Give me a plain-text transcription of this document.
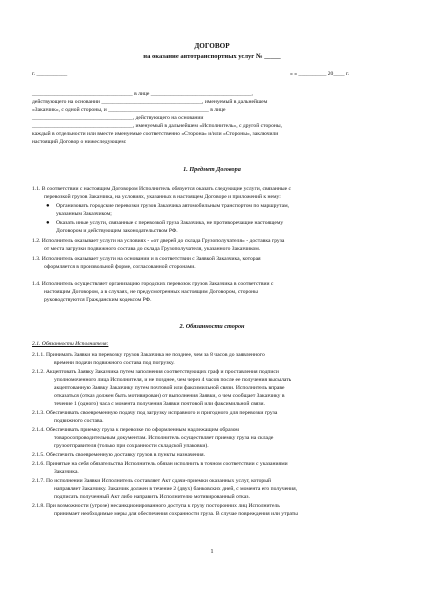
ДОГОВОР
на оказание автотранспортных услуг № _____
г. ___________	« » __________ 20____ г.
____________________________________ в лице ____________________________________,
действующего на основании ____________________________________, именуемый в дальнейшем
«Заказчик», с одной стороны, и ____________________________________ в лице
____________________________________, действующего на основании
____________________________________, именуемый в дальнейшем «Исполнитель», с другой стороны,
каждый в отдельности или вместе именуемые соответственно «Сторона» и/или «Стороны», заключили
настоящий Договор о нижеследующем:
1. Предмет Договора
1.1. В соответствии с настоящим Договором Исполнитель обязуется оказать следующие услуги, связанные с
перевозкой грузов Заказчика, на условиях, указанных в настоящем Договоре и приложений к нему:
● Организовать городские перевозки грузов Заказчика автомобильным транспортом по маршрутам,
указанным Заказчиком;
● Оказать иные услуги, связанные с перевозкой груза Заказчика, не противоречащие настоящему
Договором и действующим законодательством РФ.
1.2. Исполнитель оказывает услуги на условиях - «от дверей до склада Грузополучателя» - доставка груза
от места загрузки подвижного состава до склада Грузополучателя, указанного Заказчиком.
1.3. Исполнитель оказывает услуги на основании и в соответствии с Заявкой Заказчика, которая
оформляется в произвольной форме, согласованной сторонами.
1.4. Исполнитель осуществляет организацию городских перевозок грузов Заказчика в соответствии с
настоящим Договором, а в случаях, не предусмотренных настоящим Договором, стороны
руководствуются Гражданским кодексом РФ.
2. Обязанности сторон
2.1. Обязанности Исполнителя:
2.1.1. Принимать Заявки на перевозку грузов Заказчика не позднее, чем за 8 часов до заявленного
времени подачи подвижного состава под погрузку.
2.1.2. Акцептовать Заявку Заказчика путем заполнения соответствующих граф и проставления подписи
уполномоченного лица Исполнителя, и не позднее, чем через 4 часов после ее получения высылать
акцептованную Заявку Заказчику путем почтовой или факсимильной связи. Исполнитель вправе
отказаться (отказ должен быть мотивирован) от выполнения Заявки, о чем сообщает Заказчику в
течение 1 (одного) часа с момента получения Заявки почтовой или факсимильной связи.
2.1.3. Обеспечивать своевременную подачу под загрузку исправного и пригодного для перевозки груза
подвижного состава.
2.1.4. Обеспечивать приемку груза к перевозке по оформленным надлежащим образом
товаросопроводительным документам. Исполнитель осуществляет приемку груза на складе
грузоотправителя (только при сохранности складской упаковки).
2.1.5. Обеспечить своевременную доставку грузов в пункты назначения.
2.1.6. Принятые на себя обязательства Исполнитель обязан исполнить в точном соответствии с указаниями
Заказчика.
2.1.7. По исполнении Заявки Исполнитель составляет Акт сдачи-приемки оказанных услуг, который
направляет Заказчику. Заказчик должен в течение 2 (двух) банковских дней, с момента его получения,
подписать полученный Акт либо направить Исполнителю мотивированный отказ.
2.1.8. При возможности (угрозе) несанкционированного доступа к грузу посторонних лиц Исполнитель
принимает необходимые меры для обеспечения сохранности груза. В случае повреждения или утраты
1
